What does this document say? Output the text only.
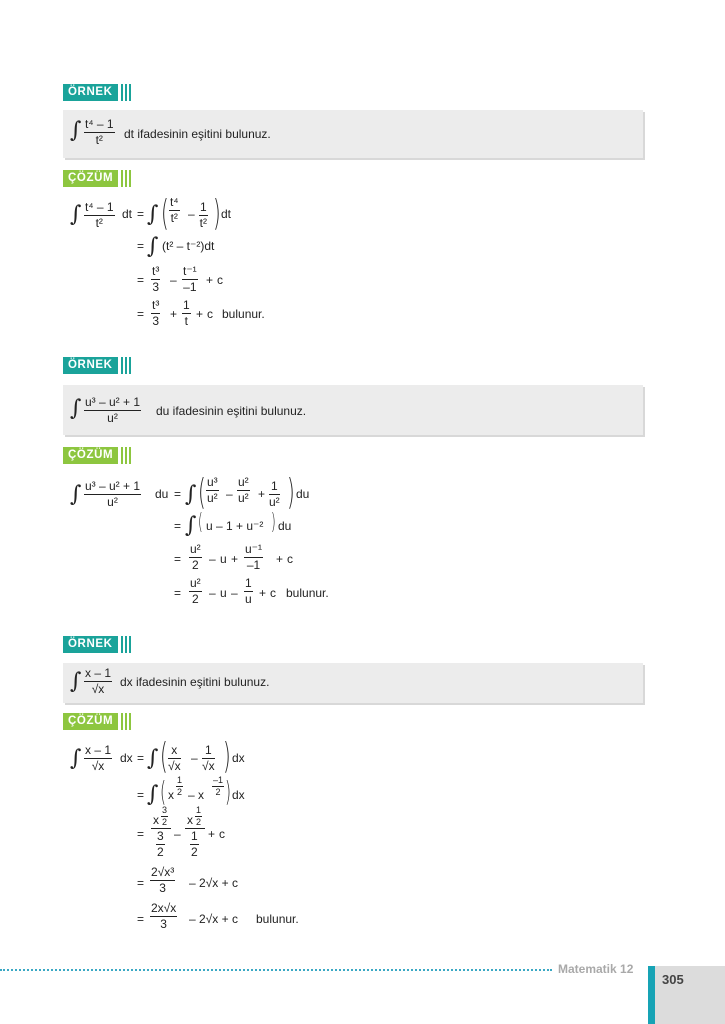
ÖRNEK
∫ t⁴ – 1
t²	dt ifadesinin eşitini bulunuz.
ÇÖZÜM
∫ t⁴ – 1
t²
dt = ∫ ( t⁴
t² – 1
t² ) dt
= ∫ (t² – t⁻²)dt
=
t³
3 –
t⁻¹
–1 + c
=
t³
3 +
1
t + c bulunur.
ÖRNEK
∫ u³ – u² + 1
u²	du ifadesinin eşitini bulunuz.
ÇÖZÜM
∫ u³ – u² + 1
u²
du = ∫ ( u³
u² –
u²
u² +
1
u² ) du
= ∫ ( u – 1 + u⁻² ) du
=
u²
2 – u +
u⁻¹
–1 + c
=
u²
2 – u –
1
u + c bulunur.
ÖRNEK
∫ x – 1
√x	dx ifadesinin eşitini bulunuz.
ÇÖZÜM
∫ x – 1
√x
dx = ∫ ( x
√x
–
1
√x ) dx
= ∫ ( x
1
2 – x
–1
2 ) dx
=
x
3
2
3
2
–
x
1
2
1
2
+ c
=
2√x³
3	– 2√x + c
=
2x√x
3	– 2√x + c bulunur.
Matematik 12
305
